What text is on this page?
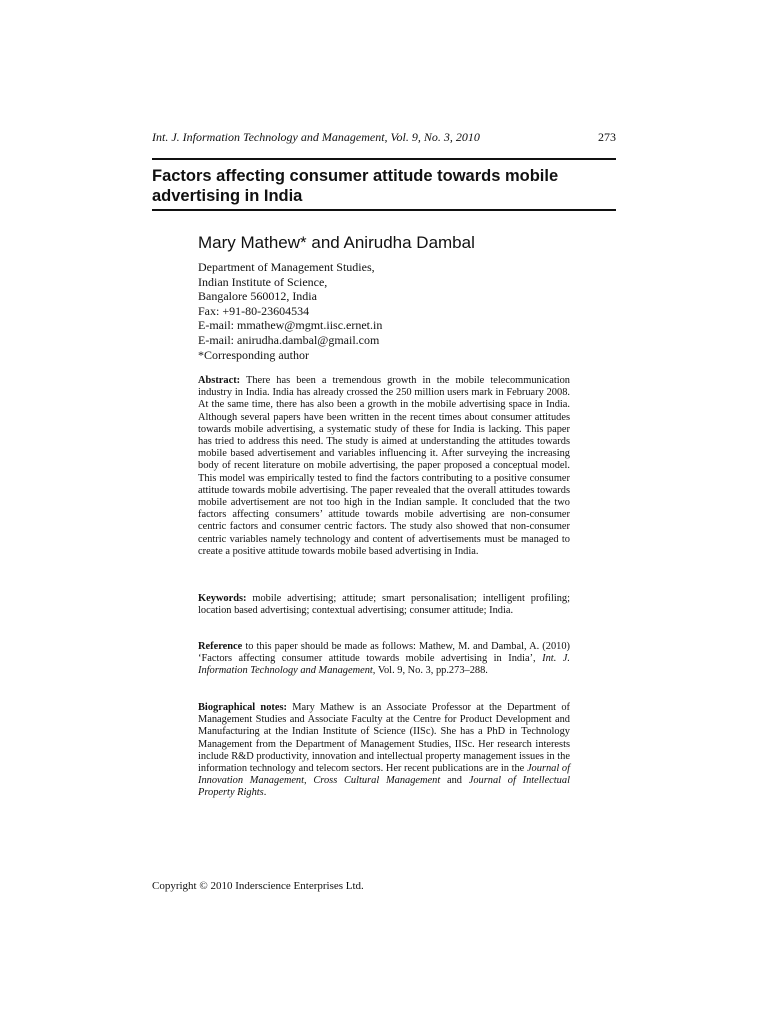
Int. J. Information Technology and Management, Vol. 9, No. 3, 2010	273
Factors affecting consumer attitude towards mobile advertising in India
Mary Mathew* and Anirudha Dambal
Department of Management Studies,
Indian Institute of Science,
Bangalore 560012, India
Fax: +91-80-23604534
E-mail: mmathew@mgmt.iisc.ernet.in
E-mail: anirudha.dambal@gmail.com
*Corresponding author
Abstract: There has been a tremendous growth in the mobile telecommunication industry in India. India has already crossed the 250 million users mark in February 2008. At the same time, there has also been a growth in the mobile advertising space in India. Although several papers have been written in the recent times about consumer attitudes towards mobile advertising, a systematic study of these for India is lacking. This paper has tried to address this need. The study is aimed at understanding the attitudes towards mobile based advertisement and variables influencing it. After surveying the increasing body of recent literature on mobile advertising, the paper proposed a conceptual model. This model was empirically tested to find the factors contributing to a positive consumer attitude towards mobile advertising. The paper revealed that the overall attitudes towards mobile advertisement are not too high in the Indian sample. It concluded that the two factors affecting consumers’ attitude towards mobile advertising are non-consumer centric factors and consumer centric factors. The study also showed that non-consumer centric variables namely technology and content of advertisements must be managed to create a positive attitude towards mobile based advertising in India.
Keywords: mobile advertising; attitude; smart personalisation; intelligent profiling; location based advertising; contextual advertising; consumer attitude; India.
Reference to this paper should be made as follows: Mathew, M. and Dambal, A. (2010) ‘Factors affecting consumer attitude towards mobile advertising in India’, Int. J. Information Technology and Management, Vol. 9, No. 3, pp.273–288.
Biographical notes: Mary Mathew is an Associate Professor at the Department of Management Studies and Associate Faculty at the Centre for Product Development and Manufacturing at the Indian Institute of Science (IISc). She has a PhD in Technology Management from the Department of Management Studies, IISc. Her research interests include R&D productivity, innovation and intellectual property management issues in the information technology and telecom sectors. Her recent publications are in the Journal of Innovation Management, Cross Cultural Management and Journal of Intellectual Property Rights.
Copyright © 2010 Inderscience Enterprises Ltd.
